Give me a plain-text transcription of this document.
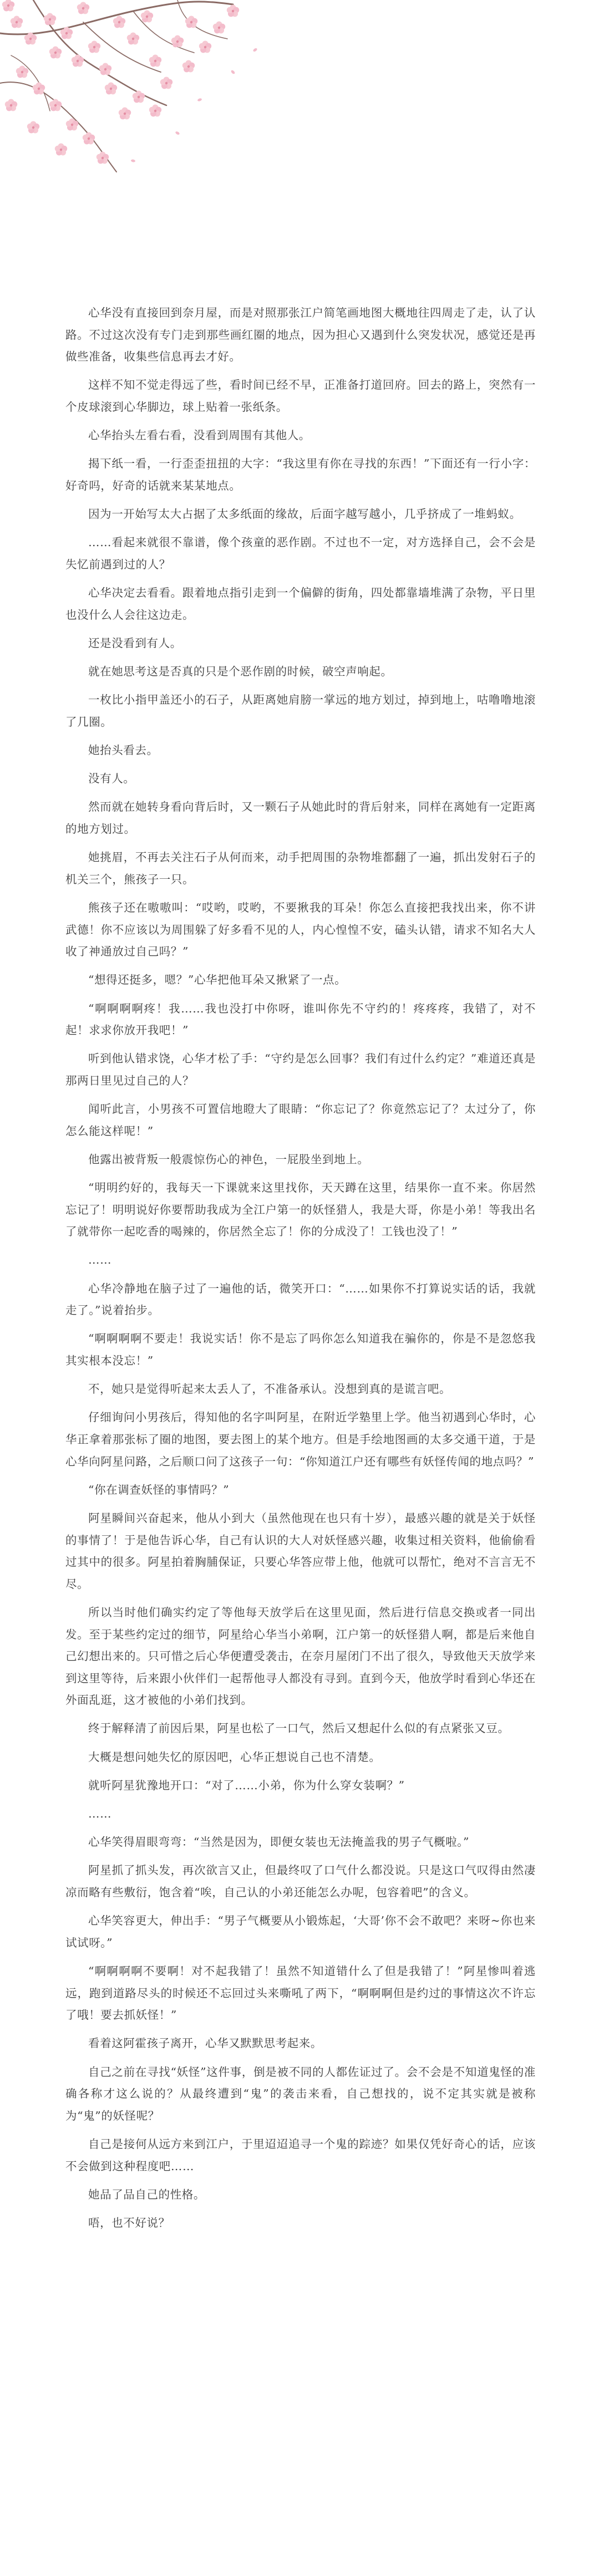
心华没有直接回到奈月屋，而是对照那张江户简笔画地图大概地往四周走了走，认了认路。不过这次没有专门走到那些画红圈的地点，因为担心又遇到什么突发状况，感觉还是再做些准备，收集些信息再去才好。

这样不知不觉走得远了些，看时间已经不早，正准备打道回府。回去的路上，突然有一个皮球滚到心华脚边，球上贴着一张纸条。

心华抬头左看右看，没看到周围有其他人。

揭下纸一看，一行歪歪扭扭的大字：“我这里有你在寻找的东西！”下面还有一行小字：好奇吗，好奇的话就来某某地点。

因为一开始写太大占据了太多纸面的缘故，后面字越写越小，几乎挤成了一堆蚂蚁。

……看起来就很不靠谱，像个孩童的恶作剧。不过也不一定，对方选择自己，会不会是失忆前遇到过的人？

心华决定去看看。跟着地点指引走到一个偏僻的街角，四处都靠墙堆满了杂物，平日里也没什么人会往这边走。

还是没看到有人。

就在她思考这是否真的只是个恶作剧的时候，破空声响起。

一枚比小指甲盖还小的石子，从距离她肩膀一掌远的地方划过，掉到地上，咕噜噜地滚了几圈。

她抬头看去。

没有人。

然而就在她转身看向背后时，又一颗石子从她此时的背后射来，同样在离她有一定距离的地方划过。

她挑眉，不再去关注石子从何而来，动手把周围的杂物堆都翻了一遍，抓出发射石子的机关三个，熊孩子一只。

熊孩子还在嗷嗷叫：“哎哟，哎哟，不要揪我的耳朵！你怎么直接把我找出来，你不讲武德！你不应该以为周围躲了好多看不见的人，内心惶惶不安，磕头认错，请求不知名大人收了神通放过自己吗？”

“想得还挺多，嗯？”心华把他耳朵又揪紧了一点。

“啊啊啊啊疼！我……我也没打中你呀，谁叫你先不守约的！疼疼疼，我错了，对不起！求求你放开我吧！”

听到他认错求饶，心华才松了手：“守约是怎么回事？我们有过什么约定？”难道还真是那两日里见过自己的人？

闻听此言，小男孩不可置信地瞪大了眼睛：“你忘记了？你竟然忘记了？太过分了，你怎么能这样呢！”

他露出被背叛一般震惊伤心的神色，一屁股坐到地上。

“明明约好的，我每天一下课就来这里找你，天天蹲在这里，结果你一直不来。你居然忘记了！明明说好你要帮助我成为全江户第一的妖怪猎人，我是大哥，你是小弟！等我出名了就带你一起吃香的喝辣的，你居然全忘了！你的分成没了！工钱也没了！”

……

心华冷静地在脑子过了一遍他的话，微笑开口：“……如果你不打算说实话的话，我就走了。”说着抬步。

“啊啊啊啊不要走！我说实话！你不是忘了吗你怎么知道我在骗你的，你是不是忽悠我其实根本没忘！”

不，她只是觉得听起来太丢人了，不准备承认。没想到真的是谎言吧。

仔细询问小男孩后，得知他的名字叫阿星，在附近学塾里上学。他当初遇到心华时，心华正拿着那张标了圈的地图，要去图上的某个地方。但是手绘地图画的太多交通干道，于是心华向阿星问路，之后顺口问了这孩子一句：“你知道江户还有哪些有妖怪传闻的地点吗？”

“你在调查妖怪的事情吗？”

阿星瞬间兴奋起来，他从小到大（虽然他现在也只有十岁），最感兴趣的就是关于妖怪的事情了！于是他告诉心华，自己有认识的大人对妖怪感兴趣，收集过相关资料，他偷偷看过其中的很多。阿星拍着胸脯保证，只要心华答应带上他，他就可以帮忙，绝对不言言无不尽。

所以当时他们确实约定了等他每天放学后在这里见面，然后进行信息交换或者一同出发。至于某些约定过的细节，阿星给心华当小弟啊，江户第一的妖怪猎人啊，都是后来他自己幻想出来的。只可惜之后心华便遭受袭击，在奈月屋闭门不出了很久，导致他天天放学来到这里等待，后来跟小伙伴们一起帮他寻人都没有寻到。直到今天，他放学时看到心华还在外面乱逛，这才被他的小弟们找到。

终于解释清了前因后果，阿星也松了一口气，然后又想起什么似的有点紧张又豆。

大概是想问她失忆的原因吧，心华正想说自己也不清楚。

就听阿星犹豫地开口：“对了……小弟，你为什么穿女装啊？”

……

心华笑得眉眼弯弯：“当然是因为，即便女装也无法掩盖我的男子气概啦。”

阿星抓了抓头发，再次欲言又止，但最终叹了口气什么都没说。只是这口气叹得由然凄凉而略有些敷衍，饱含着“唉，自己认的小弟还能怎么办呢，包容着吧”的含义。

心华笑容更大，伸出手：“男子气概要从小锻炼起，‘大哥’你不会不敢吧？来呀~你也来试试呀。”

“啊啊啊啊不要啊！对不起我错了！虽然不知道错什么了但是我错了！”阿星惨叫着逃远，跑到道路尽头的时候还不忘回过头来嘶吼了两下，“啊啊啊但是约过的事情这次不许忘了哦！要去抓妖怪！”

看着这阿霍孩子离开，心华又默默思考起来。

自己之前在寻找“妖怪”这件事，倒是被不同的人都佐证过了。会不会是不知道鬼怪的准确各称才这么说的？从最终遭到“鬼”的袭击来看，自己想找的，说不定其实就是被称为“鬼”的妖怪呢？

自己是接何从远方来到江户，于里迢迢追寻一个鬼的踪迹？如果仅凭好奇心的话，应该不会做到这种程度吧……

她品了品自己的性格。

唔，也不好说？
